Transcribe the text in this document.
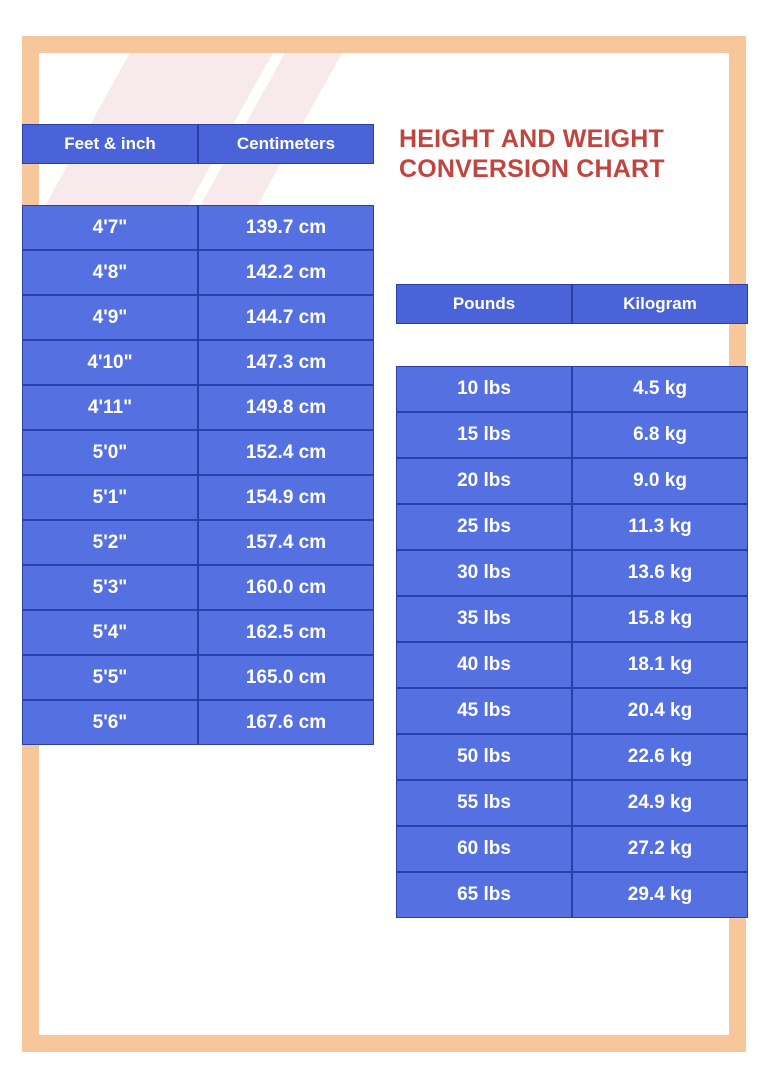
HEIGHT AND WEIGHT CONVERSION CHART
Feet & inch	Centimeters

4'7"	139.7 cm
4'8"	142.2 cm
4'9"	144.7 cm
4'10"	147.3 cm
4'11"	149.8 cm
5'0"	152.4 cm
5'1"	154.9 cm
5'2"	157.4 cm
5'3"	160.0 cm
5'4"	162.5 cm
5'5"	165.0 cm
5'6"	167.6 cm
Pounds	Kilogram

10 lbs	4.5 kg
15 lbs	6.8 kg
20 lbs	9.0 kg
25 lbs	11.3 kg
30 lbs	13.6 kg
35 lbs	15.8 kg
40 lbs	18.1 kg
45 lbs	20.4 kg
50 lbs	22.6 kg
55 lbs	24.9 kg
60 lbs	27.2 kg
65 lbs	29.4 kg
